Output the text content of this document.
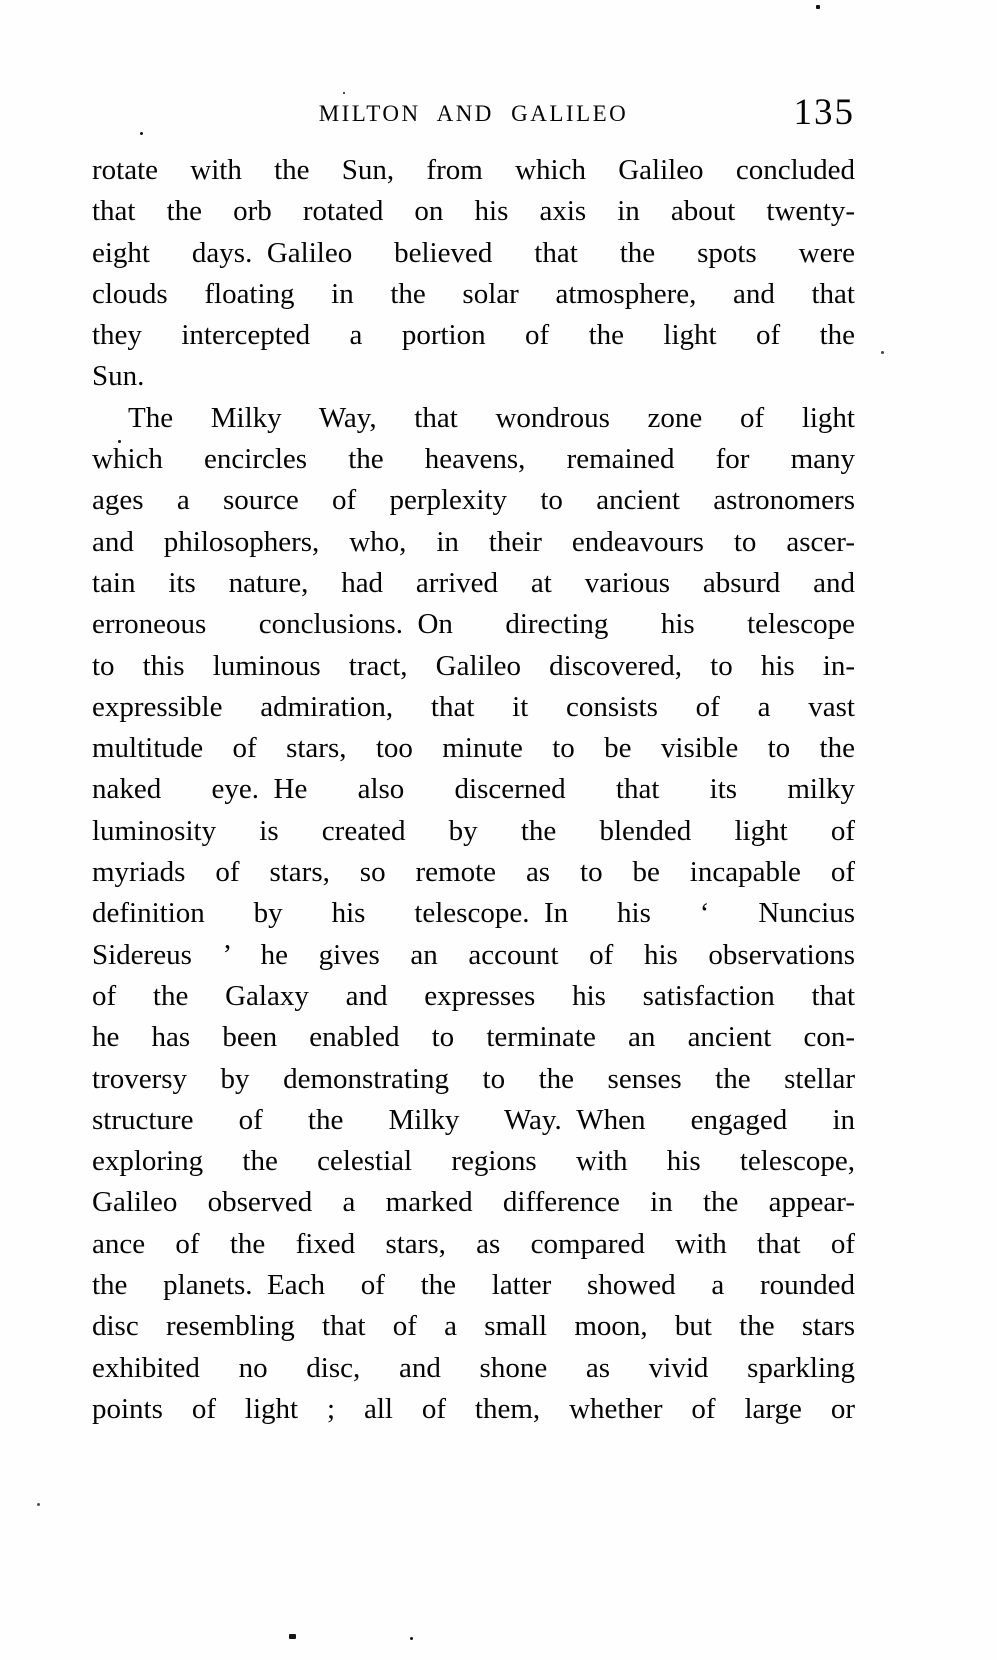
MILTON AND GALILEO	135
rotate with the Sun, from which Galileo concluded
that the orb rotated on his axis in about twenty-
eight days. Galileo believed that the spots were
clouds floating in the solar atmosphere, and that
they intercepted a portion of the light of the
Sun.
The Milky Way, that wondrous zone of light
which encircles the heavens, remained for many
ages a source of perplexity to ancient astronomers
and philosophers, who, in their endeavours to ascer-
tain its nature, had arrived at various absurd and
erroneous conclusions. On directing his telescope
to this luminous tract, Galileo discovered, to his in-
expressible admiration, that it consists of a vast
multitude of stars, too minute to be visible to the
naked eye. He also discerned that its milky
luminosity is created by the blended light of
myriads of stars, so remote as to be incapable of
definition by his telescope. In his ‘ Nuncius
Sidereus ’ he gives an account of his observations
of the Galaxy and expresses his satisfaction that
he has been enabled to terminate an ancient con-
troversy by demonstrating to the senses the stellar
structure of the Milky Way. When engaged in
exploring the celestial regions with his telescope,
Galileo observed a marked difference in the appear-
ance of the fixed stars, as compared with that of
the planets. Each of the latter showed a rounded
disc resembling that of a small moon, but the stars
exhibited no disc, and shone as vivid sparkling
points of light ; all of them, whether of large or
